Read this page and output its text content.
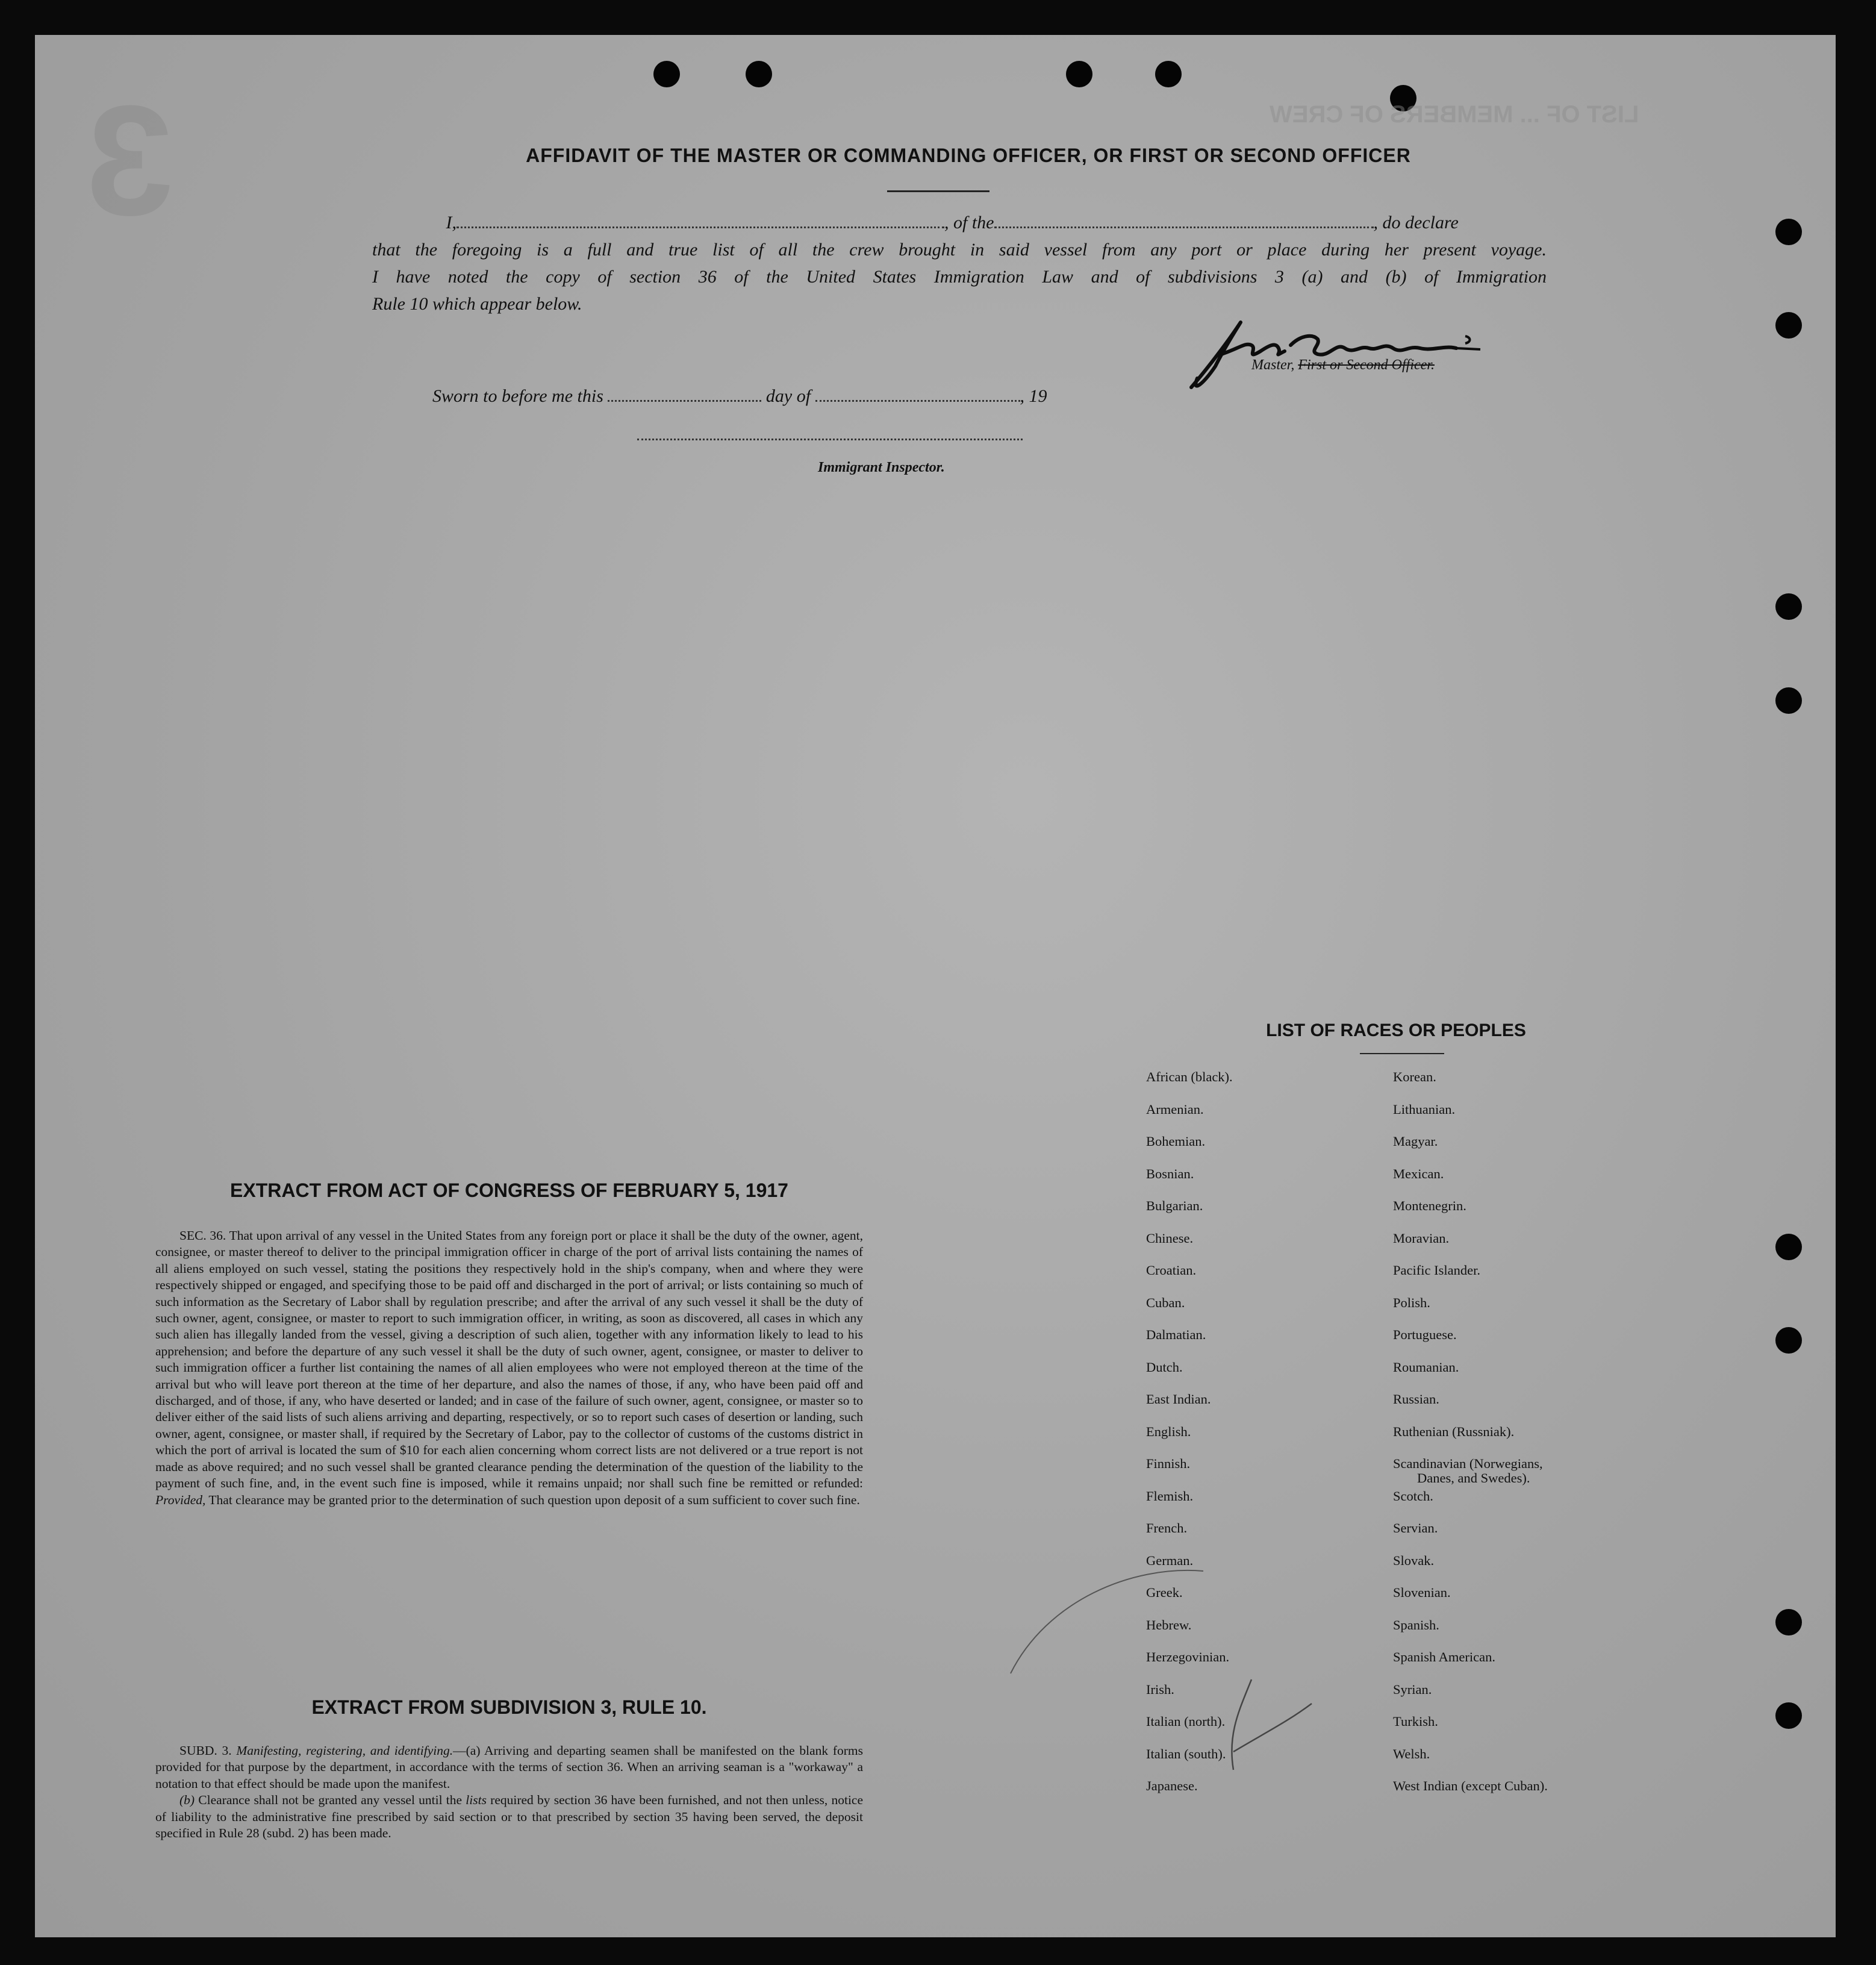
3	LIST OF ... MEMBERS OF CREW
AFFIDAVIT OF THE MASTER OR COMMANDING OFFICER, OR FIRST OR SECOND OFFICER
I,	, of the	, do declare
that the foregoing is a full and true list of all the crew brought in said vessel from any port or place during her present voyage.
I have noted the copy of section 36 of the United States Immigration Law and of subdivisions 3 (a) and (b) of Immigration
Rule 10 which appear below.
Master, First or Second Officer.
Sworn to before me this	day of	, 19
Immigrant Inspector.
EXTRACT FROM ACT OF CONGRESS OF FEBRUARY 5, 1917

SEC. 36. That upon arrival of any vessel in the United States from any foreign port or place it shall be the duty of the owner, agent, consignee, or master thereof to deliver to the principal immigration officer in charge of the port of arrival lists containing the names of all aliens employed on such vessel, stating the positions they respectively hold in the ship's company, when and where they were respectively shipped or engaged, and specifying those to be paid off and discharged in the port of arrival; or lists containing so much of such information as the Secretary of Labor shall by regulation prescribe; and after the arrival of any such vessel it shall be the duty of such owner, agent, consignee, or master to report to such immigration officer, in writing, as soon as discovered, all cases in which any such alien has illegally landed from the vessel, giving a description of such alien, together with any information likely to lead to his apprehension; and before the departure of any such vessel it shall be the duty of such owner, agent, consignee, or master to deliver to such immigration officer a further list containing the names of all alien employees who were not employed thereon at the time of the arrival but who will leave port thereon at the time of her departure, and also the names of those, if any, who have been paid off and discharged, and of those, if any, who have deserted or landed; and in case of the failure of such owner, agent, consignee, or master so to deliver either of the said lists of such aliens arriving and departing, respectively, or so to report such cases of desertion or landing, such owner, agent, consignee, or master shall, if required by the Secretary of Labor, pay to the collector of customs of the customs district in which the port of arrival is located the sum of $10 for each alien concerning whom correct lists are not delivered or a true report is not made as above required; and no such vessel shall be granted clearance pending the determination of the question of the liability to the payment of such fine, and, in the event such fine is imposed, while it remains unpaid; nor shall such fine be remitted or refunded: Provided, That clearance may be granted prior to the determination of such question upon deposit of a sum sufficient to cover such fine.

EXTRACT FROM SUBDIVISION 3, RULE 10.

SUBD. 3. Manifesting, registering, and identifying.—(a) Arriving and departing seamen shall be manifested on the blank forms provided for that purpose by the department, in accordance with the terms of section 36. When an arriving seaman is a "workaway" a notation to that effect should be made upon the manifest.

(b) Clearance shall not be granted any vessel until the lists required by section 36 have been furnished, and not then unless, notice of liability to the administrative fine prescribed by said section or to that prescribed by section 35 having been served, the deposit specified in Rule 28 (subd. 2) has been made.

LIST OF RACES OR PEOPLES
African (black).
Armenian.
Bohemian.
Bosnian.
Bulgarian.
Chinese.
Croatian.
Cuban.
Dalmatian.
Dutch.
East Indian.
English.
Finnish.
Flemish.
French.
German.
Greek.
Hebrew.
Herzegovinian.
Irish.
Italian (north).
Italian (south).
Japanese.
Korean.
Lithuanian.
Magyar.
Mexican.
Montenegrin.
Moravian.
Pacific Islander.
Polish.
Portuguese.
Roumanian.
Russian.
Ruthenian (Russniak).
Scandinavian (Norwegians,
Danes, and Swedes).
Scotch.
Servian.
Slovak.
Slovenian.
Spanish.
Spanish American.
Syrian.
Turkish.
Welsh.
West Indian (except Cuban).
